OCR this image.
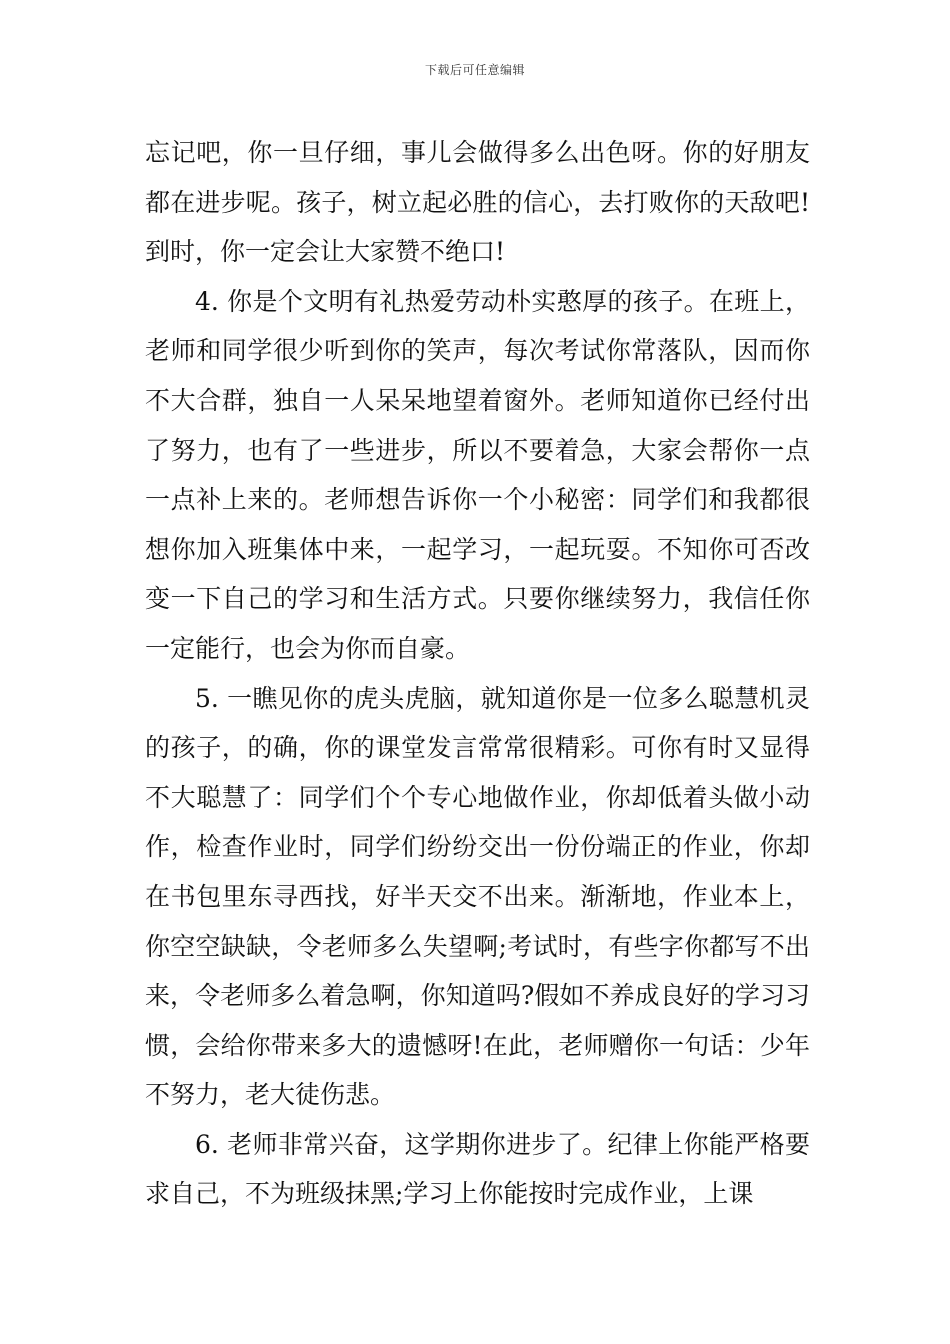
下载后可任意编辑

忘记吧，你一旦仔细，事儿会做得多么出色呀。你的好朋友都在进步呢。孩子，树立起必胜的信心，去打败你的天敌吧!到时，你一定会让大家赞不绝口!

4. 你是个文明有礼热爱劳动朴实憨厚的孩子。在班上，老师和同学很少听到你的笑声，每次考试你常落队，因而你不大合群，独自一人呆呆地望着窗外。老师知道你已经付出了努力，也有了一些进步，所以不要着急，大家会帮你一点一点补上来的。老师想告诉你一个小秘密：同学们和我都很想你加入班集体中来，一起学习，一起玩耍。不知你可否改变一下自己的学习和生活方式。只要你继续努力，我信任你一定能行，也会为你而自豪。

5. 一瞧见你的虎头虎脑，就知道你是一位多么聪慧机灵的孩子，的确，你的课堂发言常常很精彩。可你有时又显得不大聪慧了：同学们个个专心地做作业，你却低着头做小动作，检查作业时，同学们纷纷交出一份份端正的作业，你却在书包里东寻西找，好半天交不出来。渐渐地，作业本上，你空空缺缺，令老师多么失望啊;考试时，有些字你都写不出来，令老师多么着急啊，你知道吗?假如不养成良好的学习习惯，会给你带来多大的遗憾呀!在此，老师赠你一句话：少年不努力，老大徒伤悲。

6. 老师非常兴奋，这学期你进步了。纪律上你能严格要求自己，不为班级抹黑;学习上你能按时完成作业，上课
